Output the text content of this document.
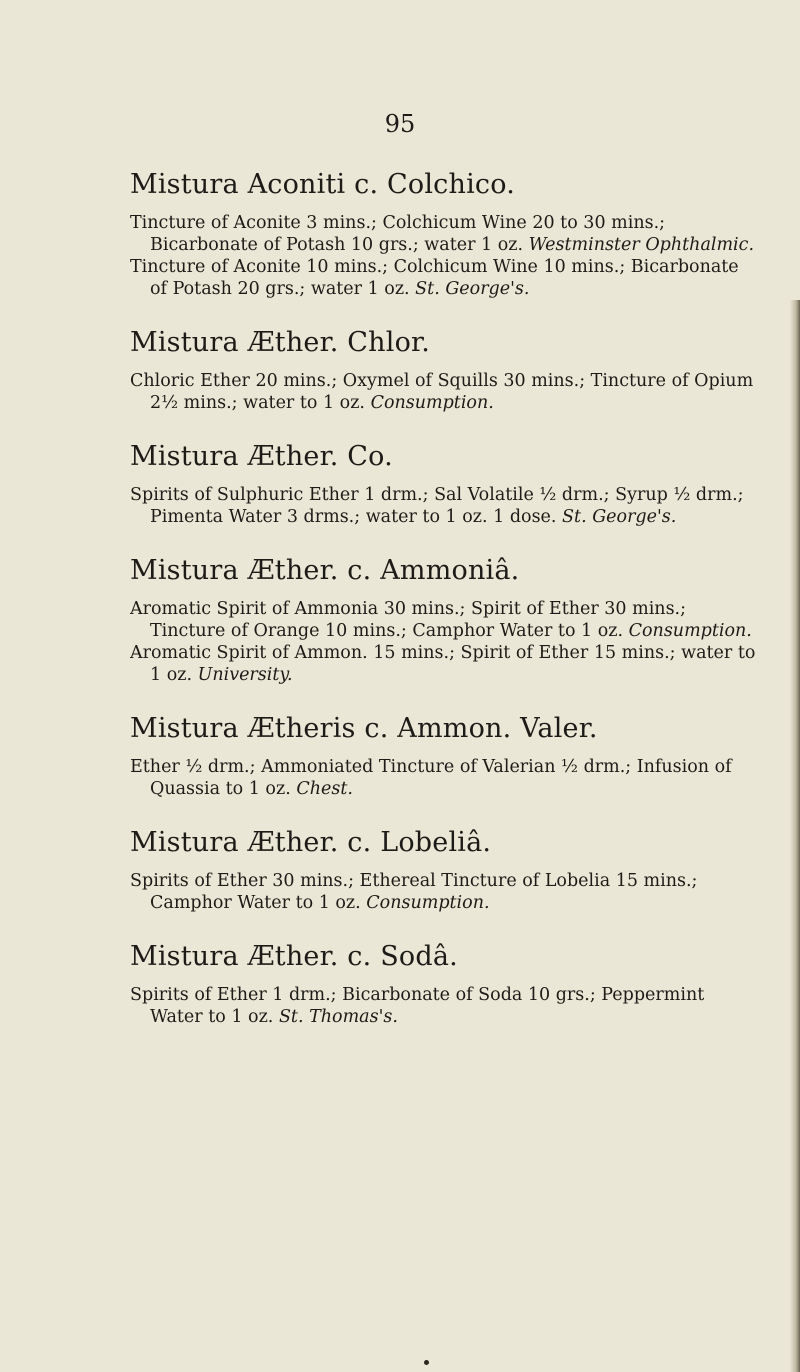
95
Mistura Aconiti c. Colchico.

Tincture of Aconite 3 mins.; Colchicum Wine 20 to 30 mins.; Bicarbonate of Potash 10 grs.; water 1 oz. Westminster Ophthalmic.

Tincture of Aconite 10 mins.; Colchicum Wine 10 mins.; Bicarbonate of Potash 20 grs.; water 1 oz. St. George's.

Mistura Æther. Chlor.

Chloric Ether 20 mins.; Oxymel of Squills 30 mins.; Tincture of Opium 2½ mins.; water to 1 oz. Consumption.

Mistura Æther. Co.

Spirits of Sulphuric Ether 1 drm.; Sal Volatile ½ drm.; Syrup ½ drm.; Pimenta Water 3 drms.; water to 1 oz. 1 dose. St. George's.

Mistura Æther. c. Ammoniâ.

Aromatic Spirit of Ammonia 30 mins.; Spirit of Ether 30 mins.; Tincture of Orange 10 mins.; Camphor Water to 1 oz. Consumption.

Aromatic Spirit of Ammon. 15 mins.; Spirit of Ether 15 mins.; water to 1 oz. University.

Mistura Ætheris c. Ammon. Valer.

Ether ½ drm.; Ammoniated Tincture of Valerian ½ drm.; Infusion of Quassia to 1 oz. Chest.

Mistura Æther. c. Lobeliâ.

Spirits of Ether 30 mins.; Ethereal Tincture of Lobelia 15 mins.; Camphor Water to 1 oz. Consumption.

Mistura Æther. c. Sodâ.

Spirits of Ether 1 drm.; Bicarbonate of Soda 10 grs.; Peppermint Water to 1 oz. St. Thomas's.
